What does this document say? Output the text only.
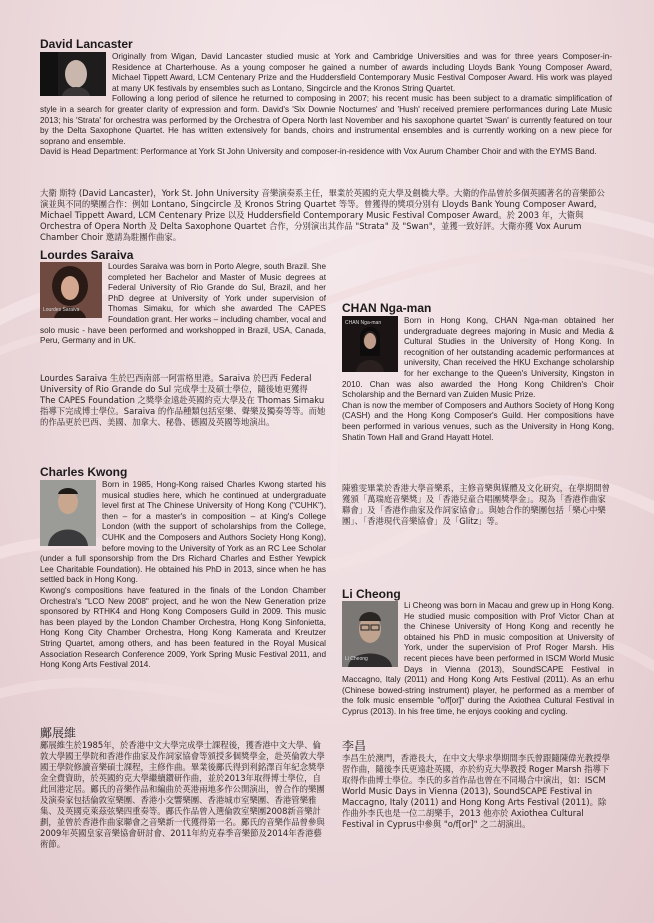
David Lancaster
Originally from Wigan, David Lancaster studied music at York and Cambridge Universities and was for three years Composer-in-Residence at Charterhouse. As a young composer he gained a number of awards including Lloyds Bank Young Composer Award, Michael Tippett Award, LCM Centenary Prize and the Huddersfield Contemporary Music Festival Composer Award. His work was played at many UK festivals by ensembles such as Lontano, Singcircle and the Kronos String Quartet.
Following a long period of silence he returned to composing in 2007; his recent music has been subject to a dramatic simplification of style in a search for greater clarity of expression and form. David's 'Six Downie Nocturnes' and 'Hush' received premiere performances during Late Music 2013; his 'Strata' for orchestra was performed by the Orchestra of Opera North last November and his saxophone quartet 'Swan' is currently featured on tour by the Delta Saxophone Quartet. He has written extensively for bands, choirs and instrumental ensembles and is currently working on a new piece for soprano and ensemble.
David is Head Department: Performance at York St John University and composer-in-residence with Vox Aurum Chamber Choir and with the EYMS Band.

大衛 斯特 (David Lancaster)，York St. John University 音樂演奏系主任，畢業於英國約克大學及劍橋大學。大衛的作品曾於多個英國著名的音樂節公演並與不同的樂團合作：例如 Lontano, Singcircle 及 Kronos String Quartet 等等。曾獲得的獎項分別有 Lloyds Bank Young Composer Award, Michael Tippett Award, LCM Centenary Prize 以及 Huddersfield Contemporary Music Festival Composer Award。於 2003 年，大衛與 Orchestra of Opera North 及 Delta Saxophone Quartet 合作，分別演出其作品 "Strata" 及 "Swan"，並獲一致好評。大衛亦獲 Vox Aurum Chamber Choir 邀請為駐團作曲家。

Lourdes Saraiva
Lourdes Saraiva
Lourdes Saraiva was born in Porto Alegre, south Brazil. She completed her Bachelor and Master of Music degrees at Federal University of Rio Grande do Sul, Brazil, and her PhD degree at University of York under supervision of Thomas Simaku, for which she awarded The CAPES Foundation grant. Her works – including chamber, vocal and solo music - have been performed and workshopped in Brazil, USA, Canada, Peru, Germany and in UK.

Lourdes Saraiva 生於巴西南部一阿雷格里港。Saraiva 於巴西 Federal University of Rio Grande do Sul 完成學士及碩士學位，隨後她更獲得 The CAPES Foundation 之獎學金遠赴英國約克大學及在 Thomas Simaku 指導下完成博士學位。Saraiva 的作品種類包括室樂、聲樂及獨奏等等。而她的作品更於巴西、美國、加拿大、秘魯、德國及英國等地演出。

Charles Kwong
Born in 1985, Hong-Kong raised Charles Kwong started his musical studies here, which he continued at undergraduate level first at The Chinese University of Hong Kong ("CUHK"), then – for a master's in composition – at King's College London (with the support of scholarships from the College, CUHK and the Composers and Authors Society Hong Kong), before moving to the University of York as an RC Lee Scholar (under a full sponsorship from the Drs Richard Charles and Esther Yewpick Lee Charitable Foundation). He obtained his PhD in 2013, since when he has settled back in Hong Kong.
Kwong's compositions have featured in the finals of the London Chamber Orchestra's "LCO New 2008" project, and he won the New Generation prize sponsored by RTHK4 and Hong Kong Composers Guild in 2009. This music has been played by the London Chamber Orchestra, Hong Kong Sinfonietta, Hong Kong City Chamber Orchestra, Hong Kong Kamerata and Kreutzer String Quartet, among others, and has been featured in the Royal Musical Association Research Conference 2009, York Spring Music Festival 2011, and Hong Kong Arts Festival 2014.
鄺展維

鄺展維生於1985年，於香港中文大學完成學士課程後，獲香港中文大學、倫敦大學國王學院和香港作曲家及作詞家協會等頒授多個獎學金，赴英倫敦大學國王學院修讀音樂碩士課程，主修作曲。畢業後鄺氏得到利銘澤百年紀念獎學金全費資助，於英國約克大學繼續鑽研作曲，並於2013年取得博士學位，自此回港定居。鄺氏的音樂作品和編曲於英港兩地多作公開演出，曾合作的樂團及演奏家包括倫敦室樂團、香港小交響樂團、香港城市室樂團、香港管樂雅集、及英國克萊茲弦樂四重奏等。鄺氏作品曾入選倫敦室樂團2008新音樂計劃，並曾於香港作曲家聯會之音樂新一代獲得第一名。鄺氏的音樂作品曾參與2009年英國皇家音樂協會研討會、2011年約克春季音樂節及2014年香港藝術節。

CHAN Nga-man
CHAN Nga-man	Born in Hong Kong, CHAN Nga-man obtained her undergraduate degrees majoring in Music and Media & Cultural Studies in the University of Hong Kong. In recognition of her outstanding academic performances at university, Chan received the HKU Exchange scholarship for her exchange to the Queen's University, Kingston in 2010. Chan was also awarded the Hong Kong Children's Choir Scholarship and the Bernard van Zuiden Music Prize.
Chan is now the member of Composers and Authors Society of Hong Kong (CASH) and the Hong Kong Composer's Guild. Her compositions have been performed in various venues, such as the University in Hong Kong, Shatin Town Hall and Grand Hayatt Hotel.

陳雅雯畢業於香港大學音樂系，主修音樂與媒體及文化研究，在學期間曾獲頒「萬瑞庭音樂獎」及「香港兒童合唱團獎學金」。現為「香港作曲家聯會」及「香港作曲家及作詞家協會」。與她合作的樂團包括「樂心中樂團」、「香港現代音樂協會」及「Glitz」等。

Li Cheong
Li Cheong
Li Cheong was born in Macau and grew up in Hong Kong. He studied music composition with Prof Victor Chan at the Chinese University of Hong Kong and recently he obtained his PhD in music composition at University of York, under the supervision of Prof Roger Marsh. His recent pieces have been performed in ISCM World Music Days in Vienna (2013), SoundSCAPE Festival in Maccagno, Italy (2011) and Hong Kong Arts Festival (2011). As an erhu (Chinese bowed-string instrument) player, he performed as a member of the folk music ensemble "o/f[or]" during the Axiothea Cultural Festival in Cyprus (2013). In his free time, he enjoys cooking and cycling.
李昌

李昌生於澳門，香港長大，在中文大學求學期間李氏曾跟隨陳偉光教授學習作曲，隨後李氏更遠赴英國，亦於約克大學教授 Roger Marsh 指導下取得作曲博士學位。李氏的多首作品也曾在不同場合中演出，如：ISCM World Music Days in Vienna (2013), SoundSCAPE Festival in Maccagno, Italy (2011) and Hong Kong Arts Festival (2011)。除作曲外李氏也是一位二胡樂手，2013 他亦於 Axiothea Cultural Festival in Cyprus中參與 "o/f[or]" 之二胡演出。
